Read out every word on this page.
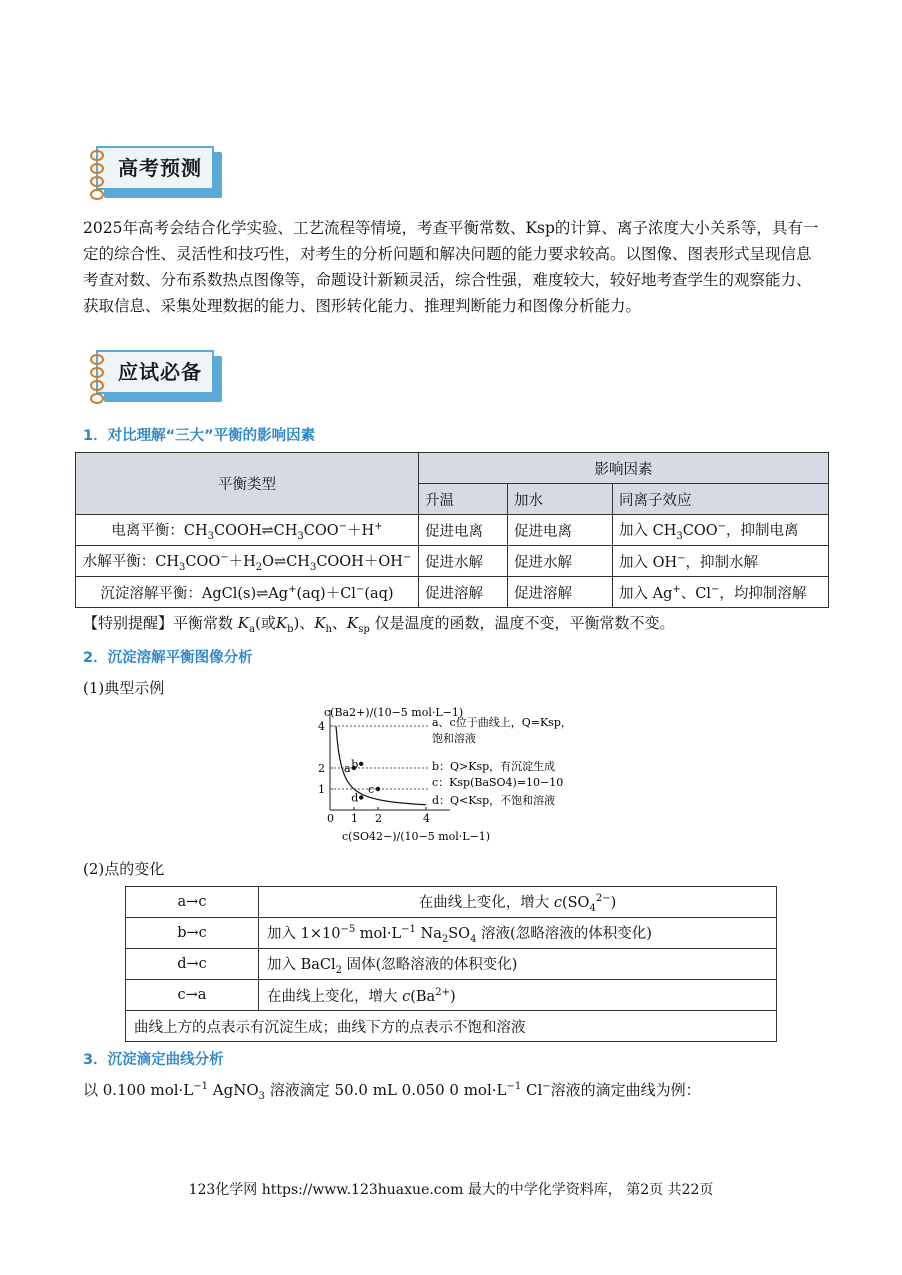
高考预测
2025年高考会结合化学实验、工艺流程等情境，考查平衡常数、Ksp的计算、离子浓度大小关系等，具有一定的综合性、灵活性和技巧性，对考生的分析问题和解决问题的能力要求较高。以图像、图表形式呈现信息考查对数、分布系数热点图像等，命题设计新颖灵活，综合性强，难度较大，较好地考查学生的观察能力、获取信息、采集处理数据的能力、图形转化能力、推理判断能力和图像分析能力。
应试必备
1．对比理解“三大”平衡的影响因素
平衡类型	影响因素		
	升温	加水	同离子效应
电离平衡：$CH_3COOH\rightleftharpoons CH_3COO^-+H^+$	促进电离	促进电离	加入 $CH_3COO^-$，抑制电离
水解平衡：$CH_3COO^-+H_2O\rightleftharpoons CH_3COOH+OH^-$	促进水解	促进水解	加入 OH−，抑制水解
沉淀溶解平衡：AgCl(s)⇌Ag+(aq)＋Cl−(aq)	促进溶解	促进溶解	加入 Ag+、Cl−，均抑制溶解
【特别提醒】平衡常数 $K_a$(或$K_b$)、$K_h$、$K_{sp}$ 仅是温度的函数，温度不变，平衡常数不变。
2．沉淀溶解平衡图像分析
(1)典型示例
c(Ba2+)/(10−5 mol·L−1)
c(SO42−)/(10−5 mol·L−1)
0 1 2	4
1
2
4
a b
c
d
a、c位于曲线上，Q=Ksp，
饱和溶液
b：Q>Ksp，有沉淀生成
c：Ksp(BaSO4)=10−10
d：Q<Ksp，不饱和溶液
(2)点的变化
a→c	在曲线上变化，增大 $c(SO_4^{2-})$
b→c	加入 $1\times 10^{-5}$ $mol\cdot L^{-1}$ $Na_2SO_4$ 溶液(忽略溶液的体积变化)
d→c	加入 BaCl$_2$ 固体(忽略溶液的体积变化)
c→a	在曲线上变化，增大 $c(Ba^{2+})$
曲线上方的点表示有沉淀生成；曲线下方的点表示不饱和溶液	
3．沉淀滴定曲线分析
以 0.100 $mol\cdot L^{-1}$ AgNO$_3$ 溶液滴定 50.0 mL 0.050 0 $mol\cdot L^{-1}$ Cl−溶液的滴定曲线为例：
123化学网 https://www.123huaxue.com 最大的中学化学资料库， 第2页 共22页
